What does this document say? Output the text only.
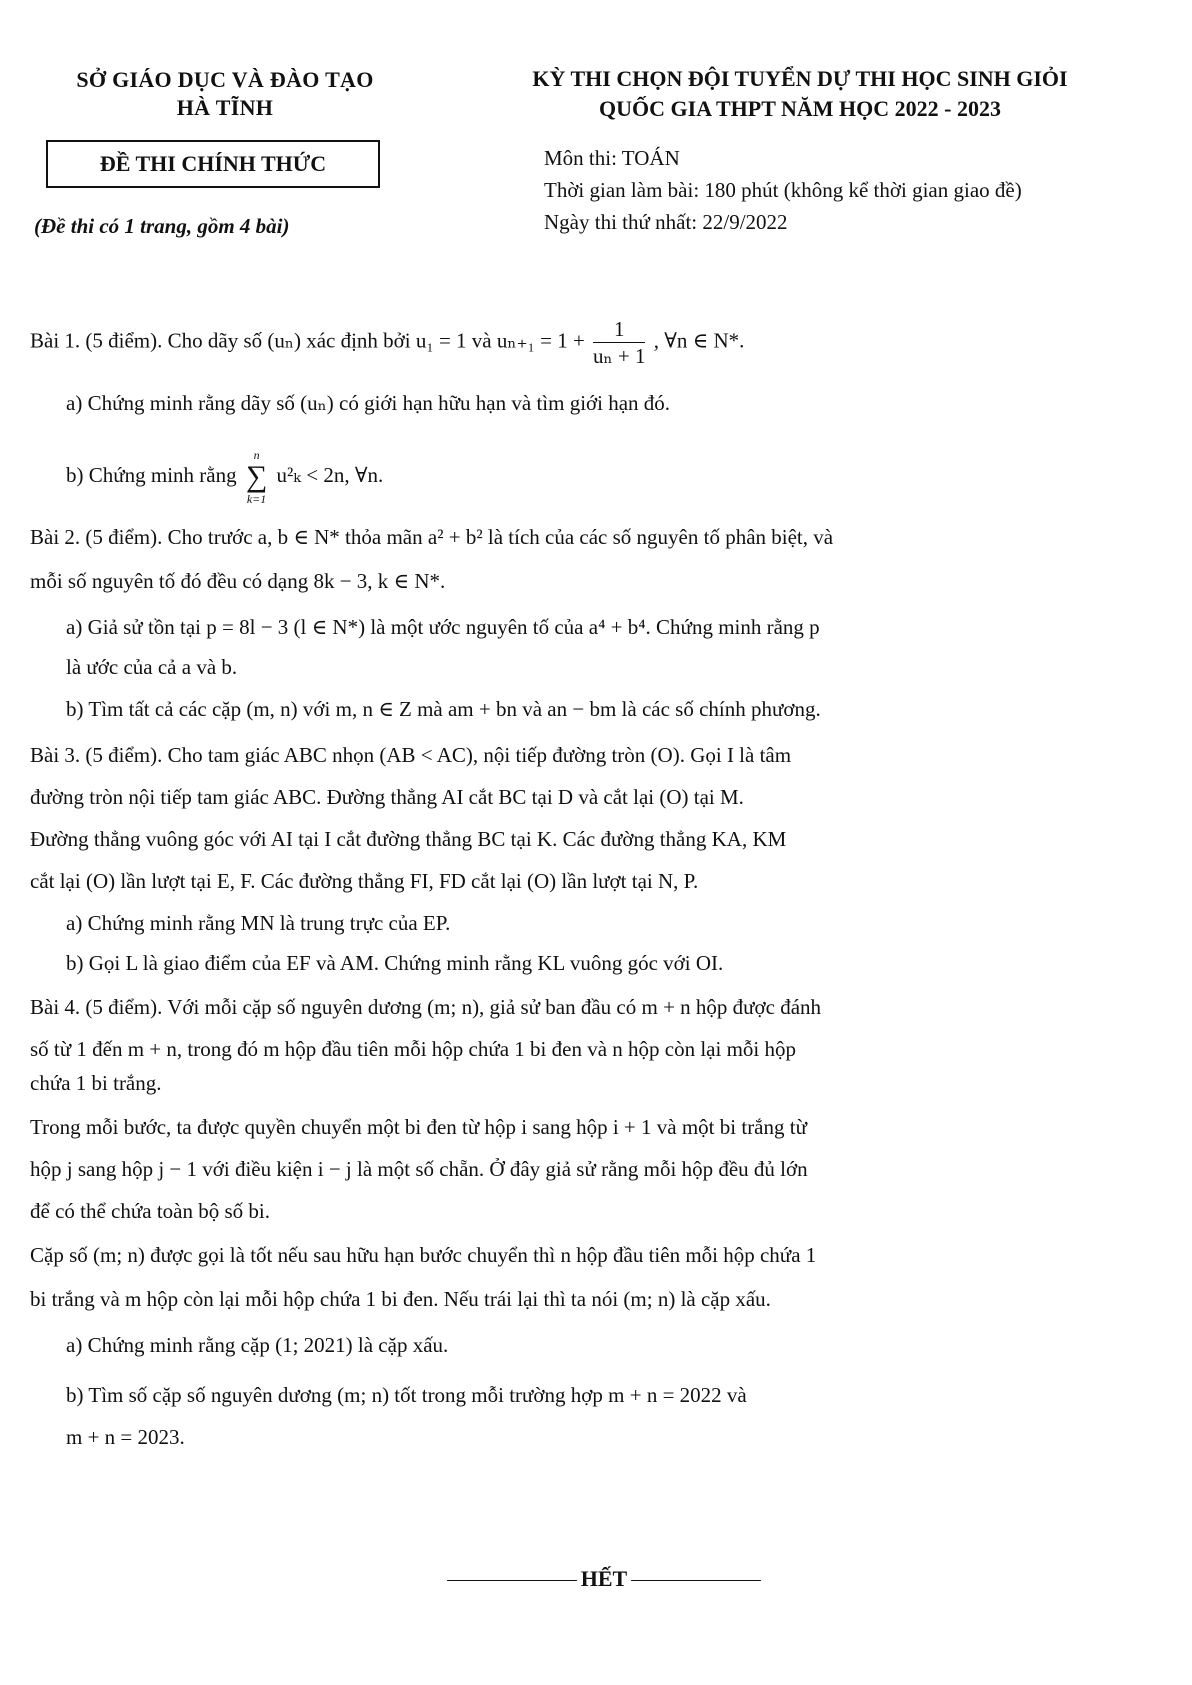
SỞ GIÁO DỤC VÀ ĐÀO TẠO
HÀ TĨNH
ĐỀ THI CHÍNH THỨC
(Đề thi có 1 trang, gồm 4 bài)
KỲ THI CHỌN ĐỘI TUYỂN DỰ THI HỌC SINH GIỎI
QUỐC GIA THPT NĂM HỌC 2022 - 2023
Môn thi: TOÁN
Thời gian làm bài: 180 phút (không kể thời gian giao đề)
Ngày thi thứ nhất: 22/9/2022
Bài 1. (5 điểm). Cho dãy số (uₙ) xác định bởi u₁ = 1 và $u_{n+1} = 1 + \frac{1}{\text{uₙ + 1}}$ , ∀n ∈ N*.
a) Chứng minh rằng dãy số (uₙ) có giới hạn hữu hạn và tìm giới hạn đó.
b) Chứng minh rằng
n
∑
k=1
u²ₖ < 2n, ∀n.
Bài 2. (5 điểm). Cho trước a, b ∈ N* thỏa mãn a² + b² là tích của các số nguyên tố phân biệt, và
mỗi số nguyên tố đó đều có dạng 8k − 3, k ∈ N*.
a) Giả sử tồn tại p = 8l − 3 (l ∈ N*) là một ước nguyên tố của a⁴ + b⁴. Chứng minh rằng p
là ước của cả a và b.
b) Tìm tất cả các cặp (m, n) với m, n ∈ Z mà am + bn và an − bm là các số chính phương.
Bài 3. (5 điểm). Cho tam giác ABC nhọn (AB < AC), nội tiếp đường tròn (O). Gọi I là tâm
đường tròn nội tiếp tam giác ABC. Đường thẳng AI cắt BC tại D và cắt lại (O) tại M.
Đường thẳng vuông góc với AI tại I cắt đường thẳng BC tại K. Các đường thẳng KA, KM
cắt lại (O) lần lượt tại E, F. Các đường thẳng FI, FD cắt lại (O) lần lượt tại N, P.
a) Chứng minh rằng MN là trung trực của EP.
b) Gọi L là giao điểm của EF và AM. Chứng minh rằng KL vuông góc với OI.
Bài 4. (5 điểm). Với mỗi cặp số nguyên dương (m; n), giả sử ban đầu có m + n hộp được đánh
số từ 1 đến m + n, trong đó m hộp đầu tiên mỗi hộp chứa 1 bi đen và n hộp còn lại mỗi hộp
chứa 1 bi trắng.
Trong mỗi bước, ta được quyền chuyển một bi đen từ hộp i sang hộp i + 1 và một bi trắng từ
hộp j sang hộp j − 1 với điều kiện i − j là một số chẵn. Ở đây giả sử rằng mỗi hộp đều đủ lớn
để có thể chứa toàn bộ số bi.
Cặp số (m; n) được gọi là tốt nếu sau hữu hạn bước chuyển thì n hộp đầu tiên mỗi hộp chứa 1
bi trắng và m hộp còn lại mỗi hộp chứa 1 bi đen. Nếu trái lại thì ta nói (m; n) là cặp xấu.
a) Chứng minh rằng cặp (1; 2021) là cặp xấu.
b) Tìm số cặp số nguyên dương (m; n) tốt trong mỗi trường hợp m + n = 2022 và
m + n = 2023.
HẾT
